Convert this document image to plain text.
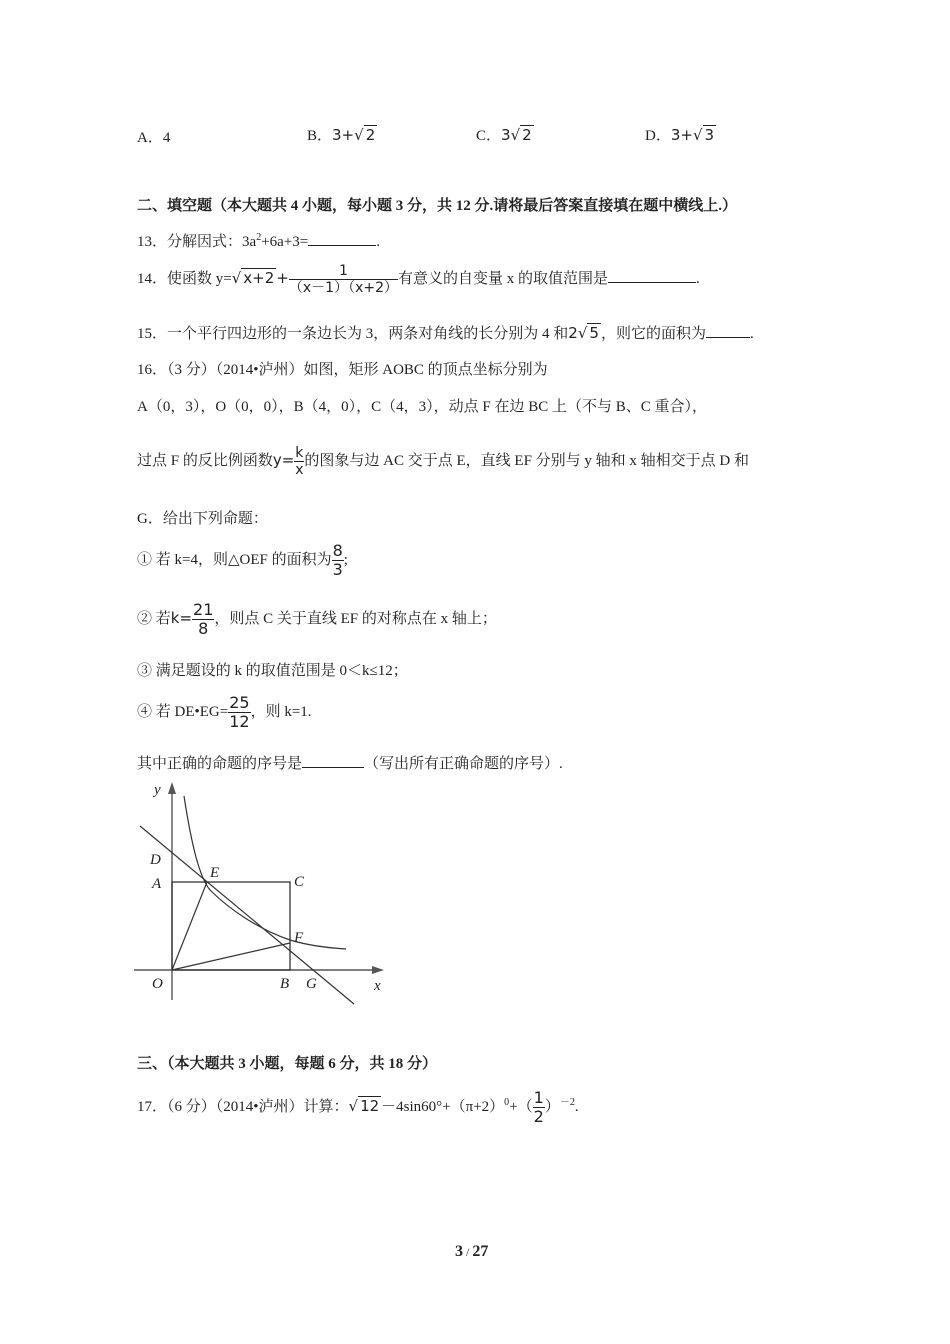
A．4	B．3+√ 2	C．3√ 2	D．3+√ 3
二、填空题（本大题共 4 小题，每小题 3 分，共 12 分.请将最后答案直接填在题中横线上.）
13．分解因式：$3a^2+6a+3=$	.
14．使函数 y=√ $x+2 + \frac{1}{(x-1)(x+2)}$ 有意义的自变量 x 的取值范围是	.
15．一个平行四边形的一条边长为 3，两条对角线的长分别为 4 和2√ 5 ，则它的面积为	.
16．（3 分）（2014•泸州）如图，矩形 AOBC 的顶点坐标分别为
A（0，3），O（0，0），B（4，0），C（4，3），动点 F 在边 BC 上（不与 B、C 重合），
过点 F 的反比例函数$y= \frac{k}{x}$ 的图象与边 AC 交于点 E，直线 EF 分别与 y 轴和 x 轴相交于点 D 和
G．给出下列命题：
① 若 k=4，则△OEF 的面积为 $\frac{8}{3}$ ;
② 若$k= \frac{21}{8}$ ，则点 C 关于直线 EF 的对称点在 x 轴上；
③ 满足题设的 k 的取值范围是 0＜k≤12；
④ 若 DE•EG= $\frac{25}{12}$ ，则 k=1.
其中正确的命题的序号是	（写出所有正确命题的序号）.
y
x
D
A
E
C
F
O	B G
三、（本大题共 3 小题，每题 6 分，共 18 分）
17．（6 分）（2014•泸州）计算：√ $12 -4\sin 60^\circ+(\pi+2)^0+( \frac{1}{2} )^{-2}$.
3 / 27
